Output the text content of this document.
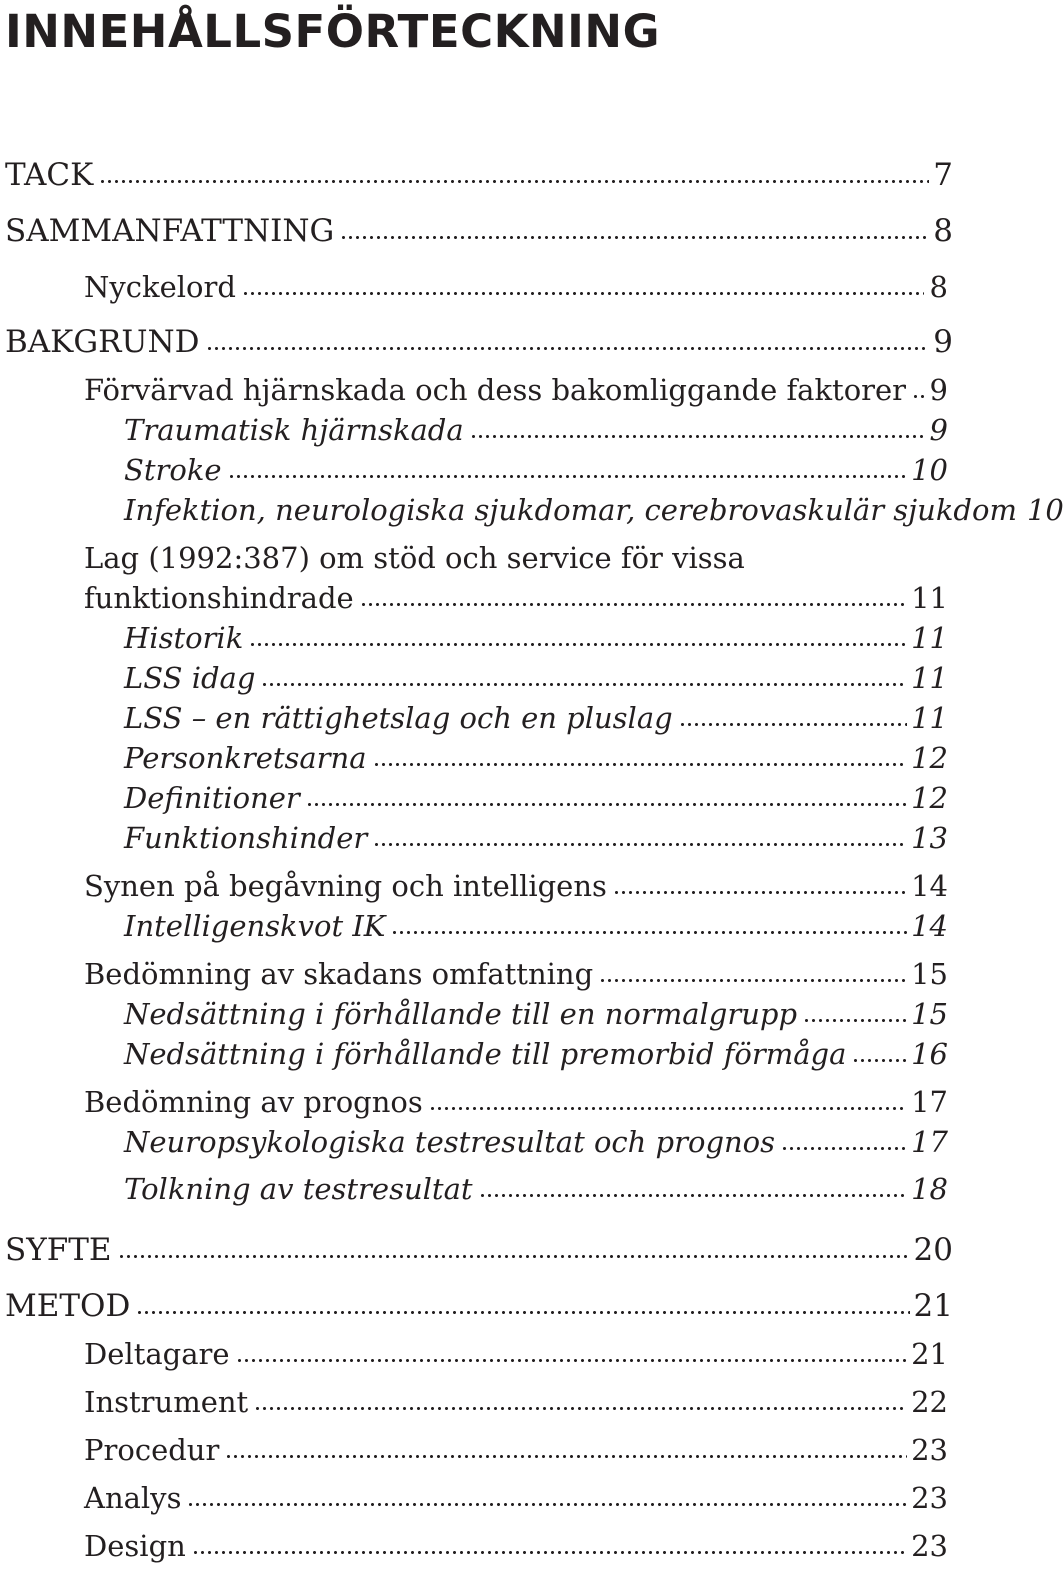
INNEHÅLLSFÖRTECKNING
TACK	7
SAMMANFATTNING	8
Nyckelord	8
BAKGRUND	9
Förvärvad hjärnskada och dess bakomliggande faktorer 9
Traumatisk hjärnskada	9
Stroke	10
Infektion, neurologiska sjukdomar, cerebrovaskulär sjukdom 10
Lag (1992:387) om stöd och service för vissa
funktionshindrade	11
Historik	11
LSS idag	11
LSS – en rättighetslag och en pluslag	11
Personkretsarna	12
Definitioner	12
Funktionshinder	13
Synen på begåvning och intelligens	14
Intelligenskvot IK	14
Bedömning av skadans omfattning	15
Nedsättning i förhållande till en normalgrupp	15
Nedsättning i förhållande till premorbid förmåga 16
Bedömning av prognos	17
Neuropsykologiska testresultat och prognos	17
Tolkning av testresultat	18
SYFTE	20
METOD	21
Deltagare	21
Instrument	22
Procedur	23
Analys	23
Design	23
